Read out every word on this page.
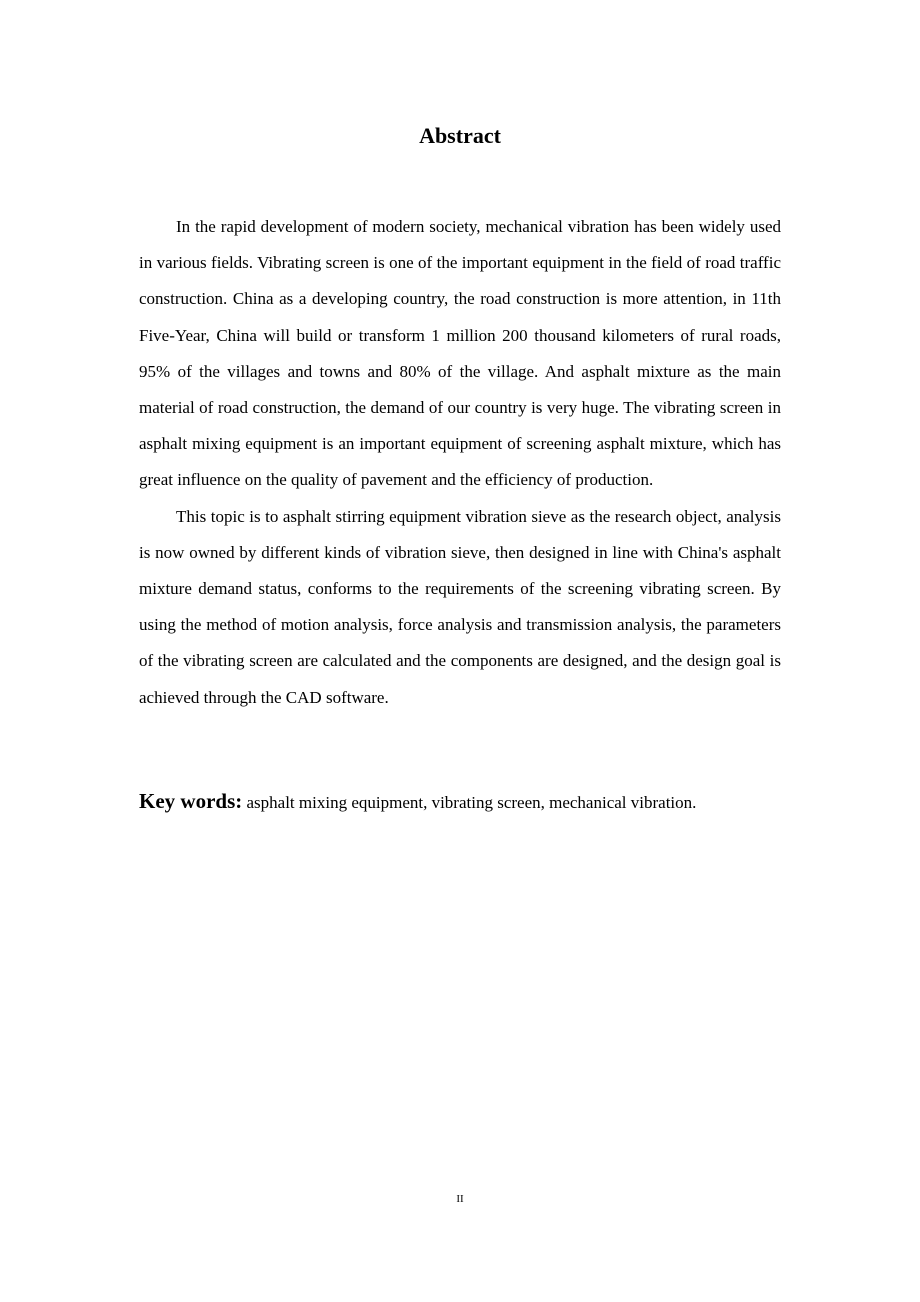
Abstract

In the rapid development of modern society, mechanical vibration has been widely used in various fields. Vibrating screen is one of the important equipment in the field of road traffic construction. China as a developing country, the road construction is more attention, in 11th Five-Year, China will build or transform 1 million 200 thousand kilometers of rural roads, 95% of the villages and towns and 80% of the village. And asphalt mixture as the main material of road construction, the demand of our country is very huge. The vibrating screen in asphalt mixing equipment is an important equipment of screening asphalt mixture, which has great influence on the quality of pavement and the efficiency of production.

This topic is to asphalt stirring equipment vibration sieve as the research object, analysis is now owned by different kinds of vibration sieve, then designed in line with China's asphalt mixture demand status, conforms to the requirements of the screening vibrating screen. By using the method of motion analysis, force analysis and transmission analysis, the parameters of the vibrating screen are calculated and the components are designed, and the design goal is achieved through the CAD software.

Key words: asphalt mixing equipment, vibrating screen, mechanical vibration.
II
